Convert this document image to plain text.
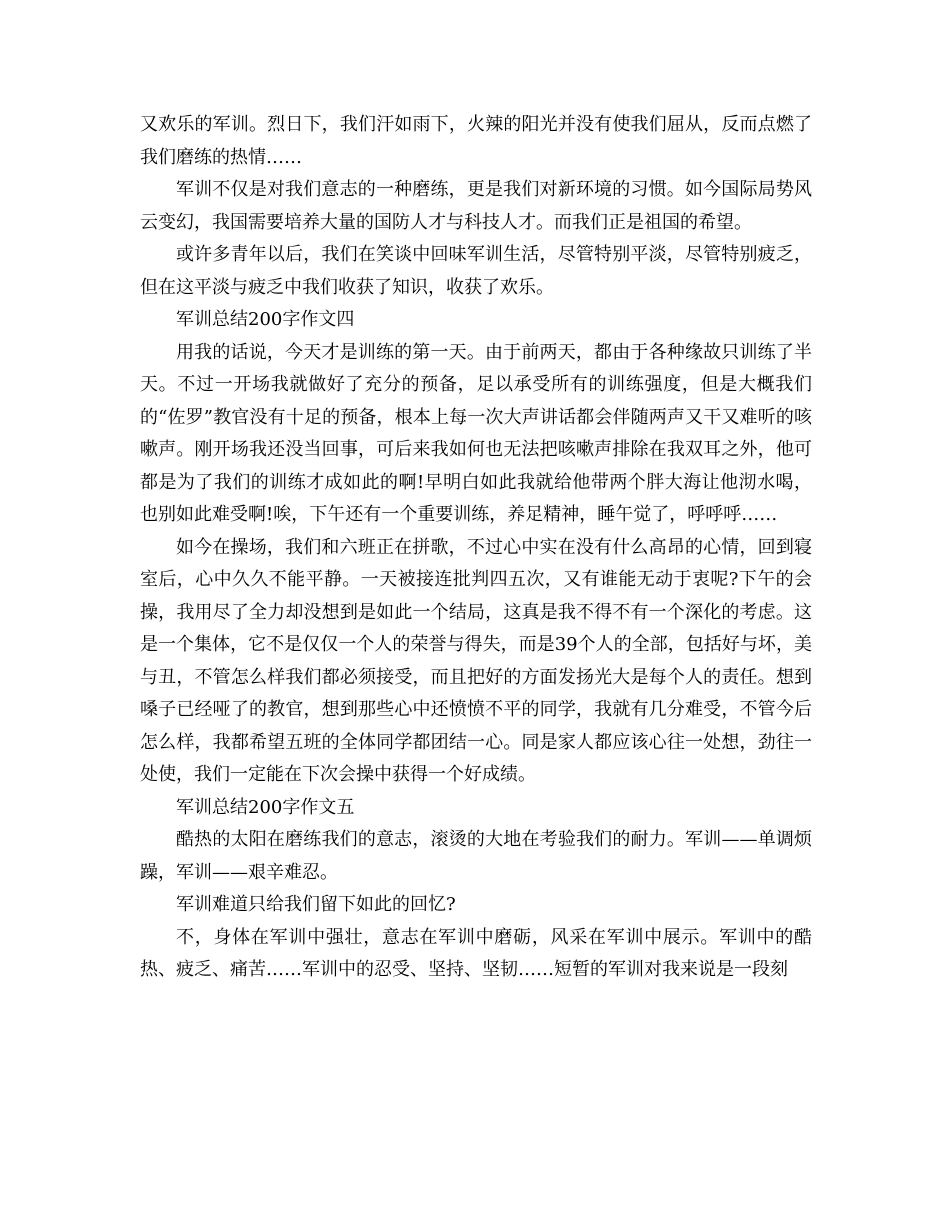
又欢乐的军训。烈日下，我们汗如雨下，火辣的阳光并没有使我们屈从，反而点燃了我们磨练的热情……

军训不仅是对我们意志的一种磨练，更是我们对新环境的习惯。如今国际局势风云变幻，我国需要培养大量的国防人才与科技人才。而我们正是祖国的希望。

或许多青年以后，我们在笑谈中回味军训生活，尽管特别平淡，尽管特别疲乏，但在这平淡与疲乏中我们收获了知识，收获了欢乐。

军训总结200字作文四

用我的话说，今天才是训练的第一天。由于前两天，都由于各种缘故只训练了半天。不过一开场我就做好了充分的预备，足以承受所有的训练强度，但是大概我们的“佐罗”教官没有十足的预备，根本上每一次大声讲话都会伴随两声又干又难听的咳嗽声。刚开场我还没当回事，可后来我如何也无法把咳嗽声排除在我双耳之外，他可都是为了我们的训练才成如此的啊!早明白如此我就给他带两个胖大海让他沏水喝，也别如此难受啊!唉，下午还有一个重要训练，养足精神，睡午觉了，呼呼呼……

如今在操场，我们和六班正在拼歌，不过心中实在没有什么高昂的心情，回到寝室后，心中久久不能平静。一天被接连批判四五次，又有谁能无动于衷呢?下午的会操，我用尽了全力却没想到是如此一个结局，这真是我不得不有一个深化的考虑。这是一个集体，它不是仅仅一个人的荣誉与得失，而是39个人的全部，包括好与坏，美与丑，不管怎么样我们都必须接受，而且把好的方面发扬光大是每个人的责任。想到嗓子已经哑了的教官，想到那些心中还愤愤不平的同学，我就有几分难受，不管今后怎么样，我都希望五班的全体同学都团结一心。同是家人都应该心往一处想，劲往一处使，我们一定能在下次会操中获得一个好成绩。

军训总结200字作文五

酷热的太阳在磨练我们的意志，滚烫的大地在考验我们的耐力。军训——单调烦躁，军训——艰辛难忍。

军训难道只给我们留下如此的回忆?

不，身体在军训中强壮，意志在军训中磨砺，风采在军训中展示。军训中的酷热、疲乏、痛苦……军训中的忍受、坚持、坚韧……短暂的军训对我来说是一段刻
